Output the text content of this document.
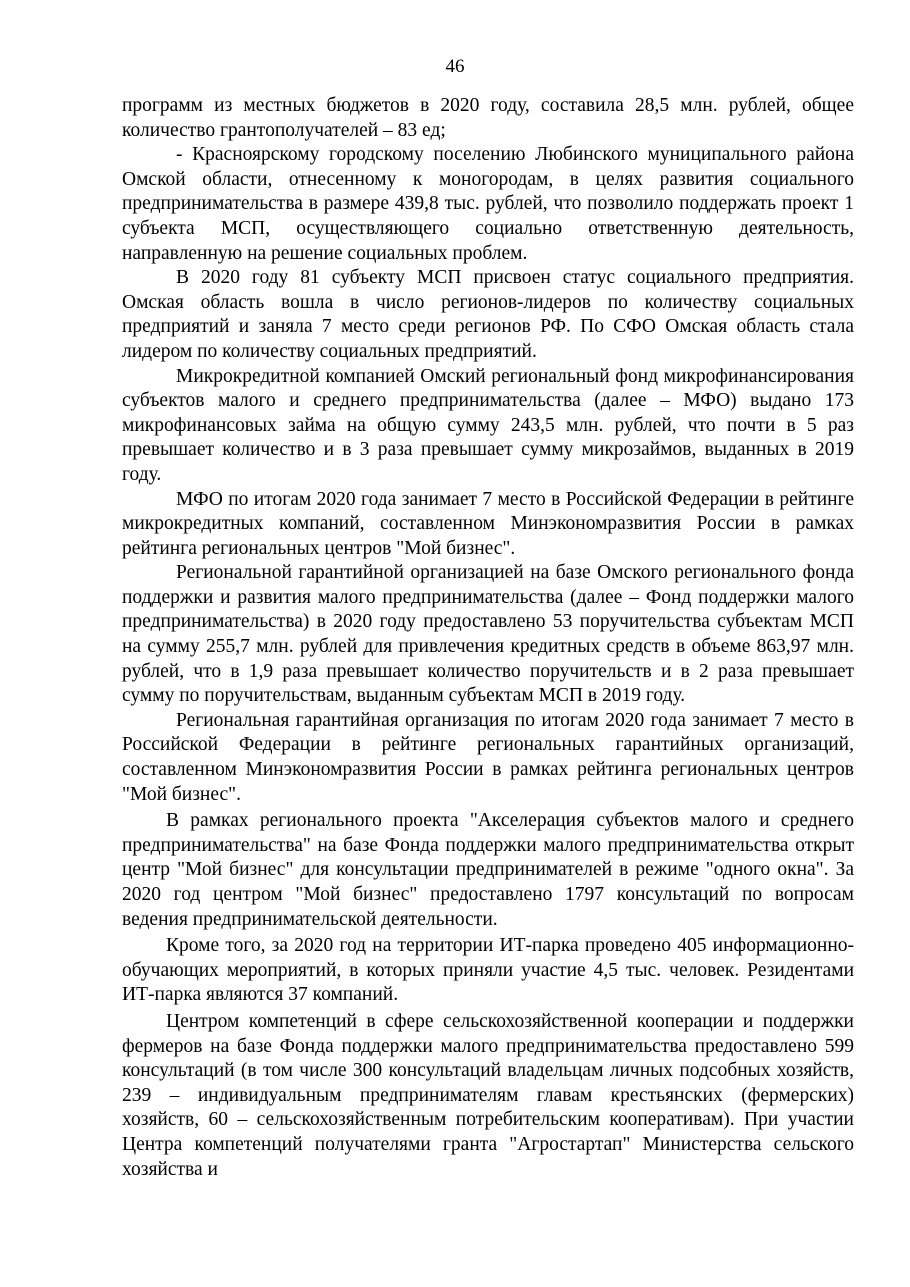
46

программ из местных бюджетов в 2020 году, составила 28,5 млн. рублей, общее количество грантополучателей – 83 ед;

- Красноярскому городскому поселению Любинского муниципального района Омской области, отнесенному к моногородам, в целях развития социального предпринимательства в размере 439,8 тыс. рублей, что позволило поддержать проект 1 субъекта МСП, осуществляющего социально ответственную деятельность, направленную на решение социальных проблем.

В 2020 году 81 субъекту МСП присвоен статус социального предприятия. Омская область вошла в число регионов-лидеров по количеству социальных предприятий и заняла 7 место среди регионов РФ. По СФО Омская область стала лидером по количеству социальных предприятий.

Микрокредитной компанией Омский региональный фонд микрофинансирования субъектов малого и среднего предпринимательства (далее – МФО) выдано 173 микрофинансовых займа на общую сумму 243,5 млн. рублей, что почти в 5 раз превышает количество и в 3 раза превышает сумму микрозаймов, выданных в 2019 году.

МФО по итогам 2020 года занимает 7 место в Российской Федерации в рейтинге микрокредитных компаний, составленном Минэкономразвития России в рамках рейтинга региональных центров "Мой бизнес".

Региональной гарантийной организацией на базе Омского регионального фонда поддержки и развития малого предпринимательства (далее – Фонд поддержки малого предпринимательства) в 2020 году предоставлено 53 поручительства субъектам МСП на сумму 255,7 млн. рублей для привлечения кредитных средств в объеме 863,97 млн. рублей, что в 1,9 раза превышает количество поручительств и в 2 раза превышает сумму по поручительствам, выданным субъектам МСП в 2019 году.

Региональная гарантийная организация по итогам 2020 года занимает 7 место в Российской Федерации в рейтинге региональных гарантийных организаций, составленном Минэкономразвития России в рамках рейтинга региональных центров "Мой бизнес".

В рамках регионального проекта "Акселерация субъектов малого и среднего предпринимательства" на базе Фонда поддержки малого предпринимательства открыт центр "Мой бизнес" для консультации предпринимателей в режиме "одного окна". За 2020 год центром "Мой бизнес" предоставлено 1797 консультаций по вопросам ведения предпринимательской деятельности.

Кроме того, за 2020 год на территории ИТ-парка проведено 405 информационно-обучающих мероприятий, в которых приняли участие 4,5 тыс. человек. Резидентами ИТ-парка являются 37 компаний.

Центром компетенций в сфере сельскохозяйственной кооперации и поддержки фермеров на базе Фонда поддержки малого предпринимательства предоставлено 599 консультаций (в том числе 300 консультаций владельцам личных подсобных хозяйств, 239 – индивидуальным предпринимателям главам крестьянских (фермерских) хозяйств, 60 – сельскохозяйственным потребительским кооперативам). При участии Центра компетенций получателями гранта "Агростартап" Министерства сельского хозяйства и
